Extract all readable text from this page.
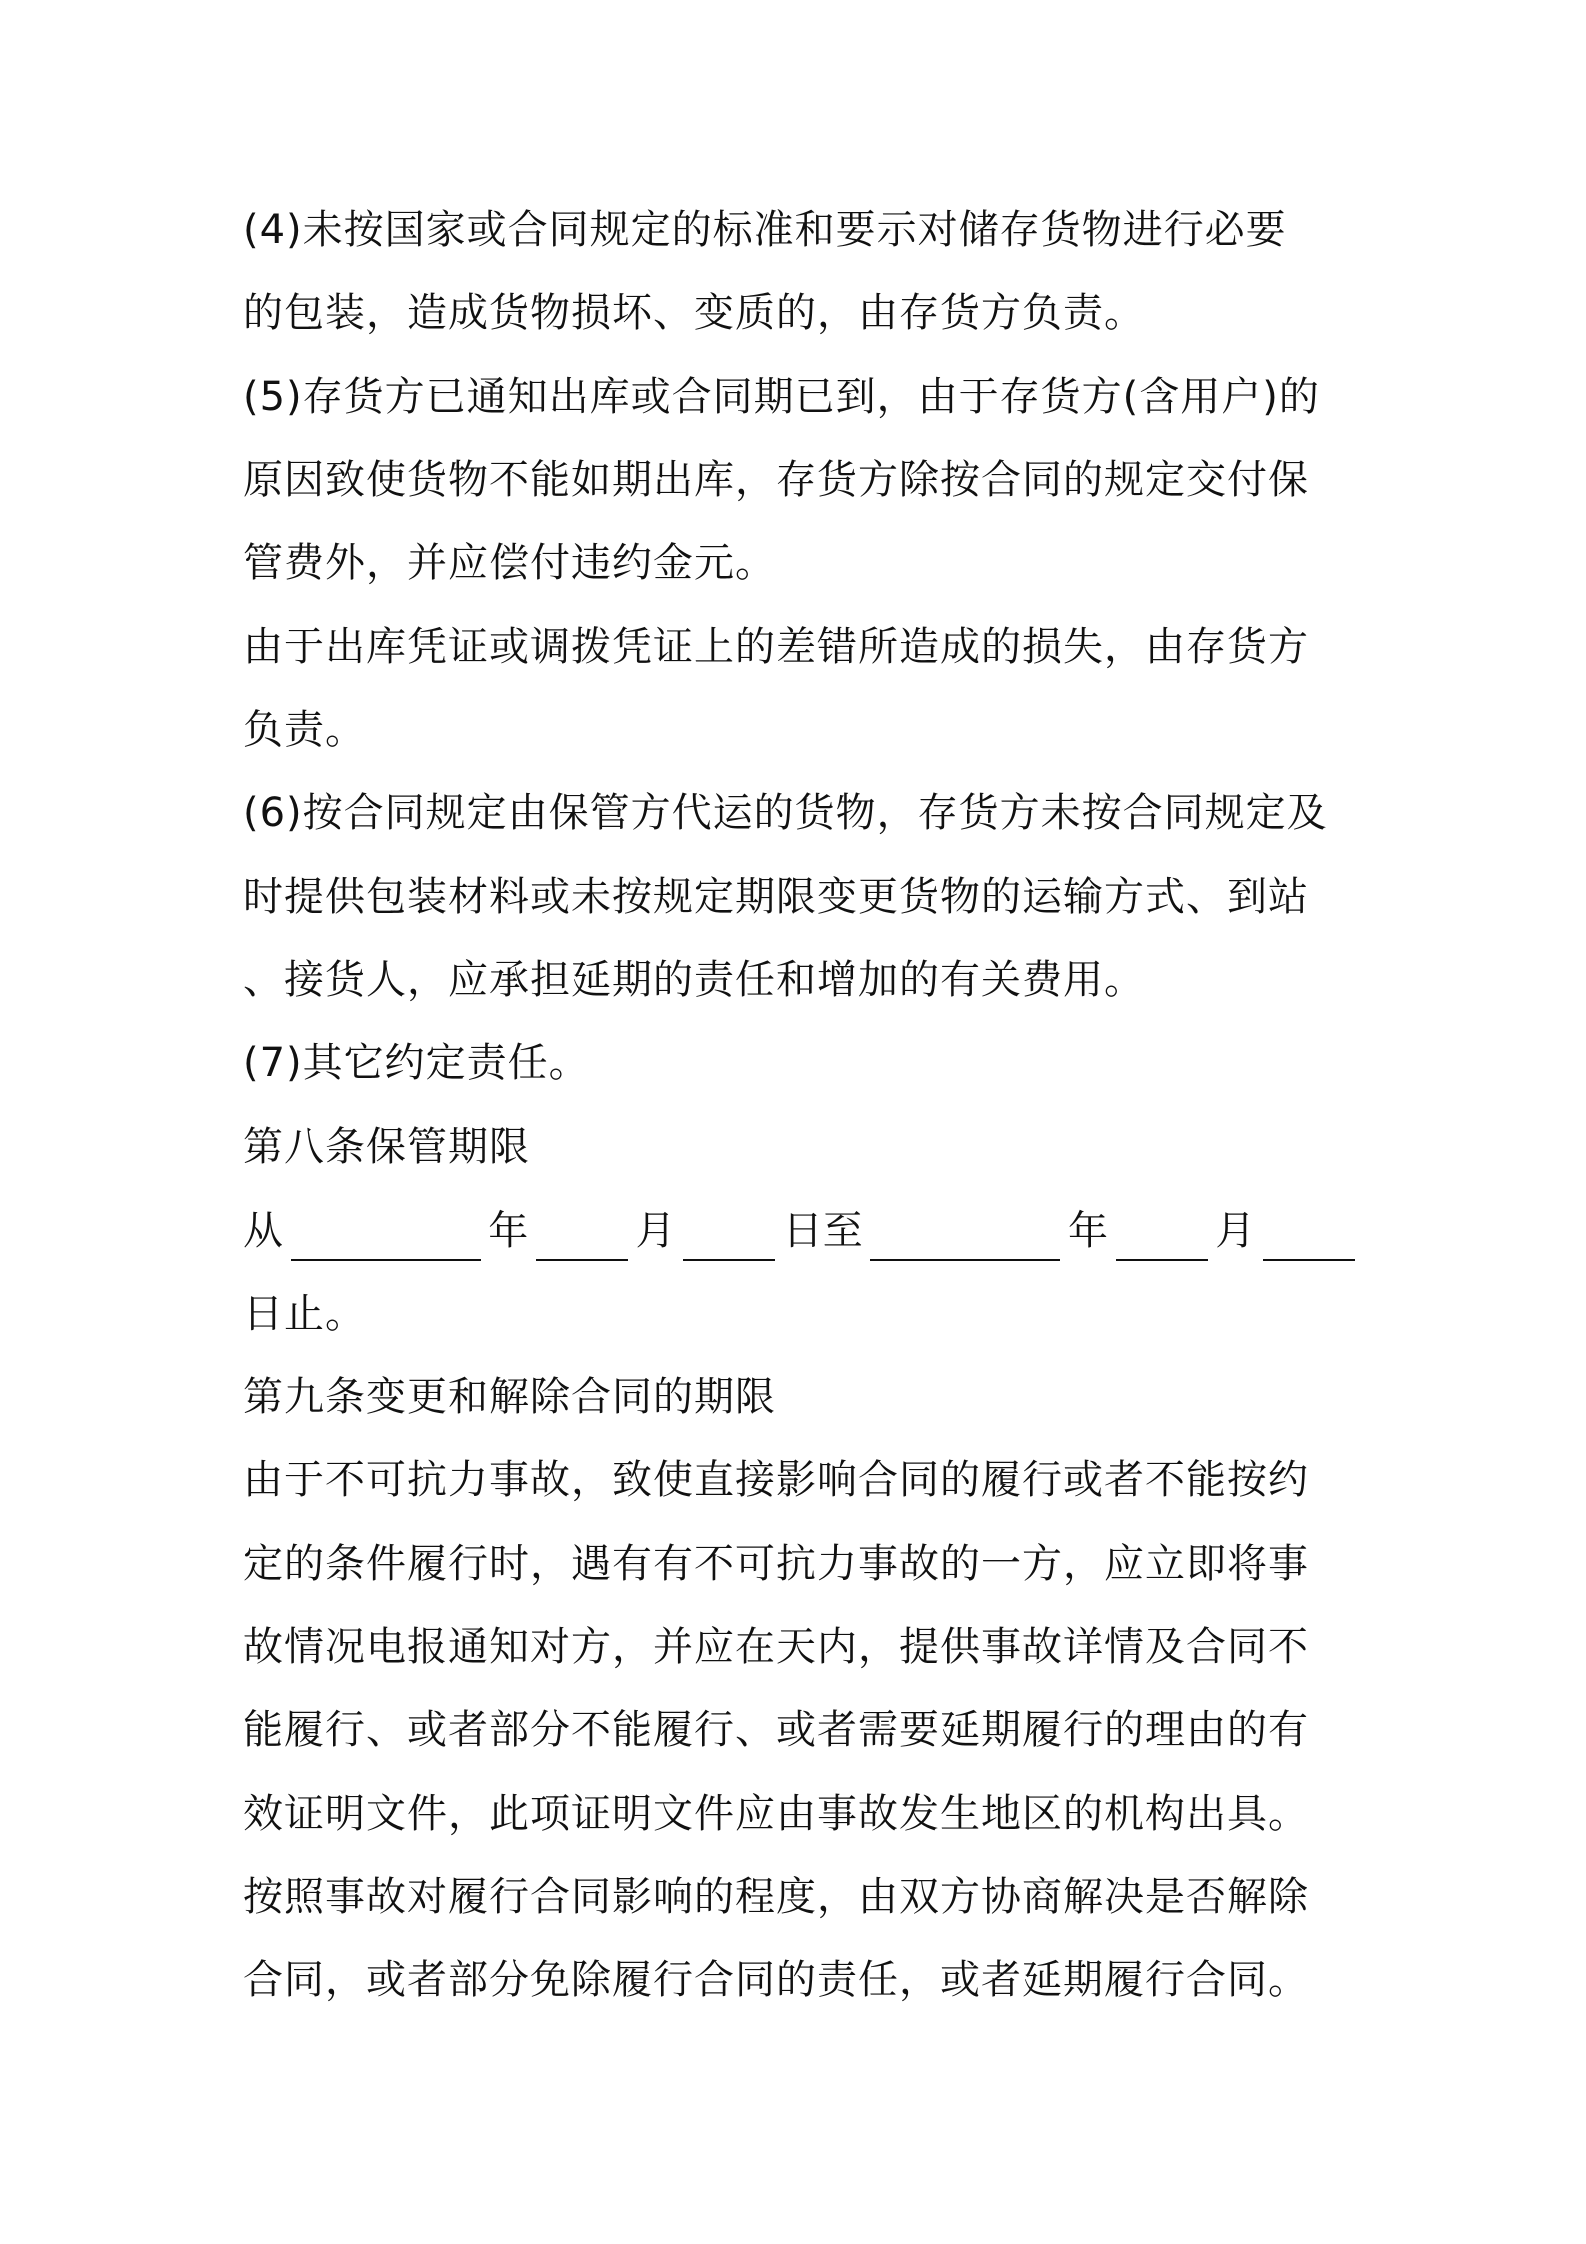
(4)未按国家或合同规定的标准和要示对储存货物进行必要
的包装，造成货物损坏、变质的，由存货方负责。
(5)存货方已通知出库或合同期已到，由于存货方(含用户)的
原因致使货物不能如期出库，存货方除按合同的规定交付保
管费外，并应偿付违约金元。
由于出库凭证或调拨凭证上的差错所造成的损失，由存货方
负责。
(6)按合同规定由保管方代运的货物，存货方未按合同规定及
时提供包装材料或未按规定期限变更货物的运输方式、到站
、接货人，应承担延期的责任和增加的有关费用。
(7)其它约定责任。
第八条保管期限
从	年	月	日至	年	月
日止。
第九条变更和解除合同的期限
由于不可抗力事故，致使直接影响合同的履行或者不能按约
定的条件履行时，遇有有不可抗力事故的一方，应立即将事
故情况电报通知对方，并应在天内，提供事故详情及合同不
能履行、或者部分不能履行、或者需要延期履行的理由的有
效证明文件，此项证明文件应由事故发生地区的机构出具。
按照事故对履行合同影响的程度，由双方协商解决是否解除
合同，或者部分免除履行合同的责任，或者延期履行合同。
